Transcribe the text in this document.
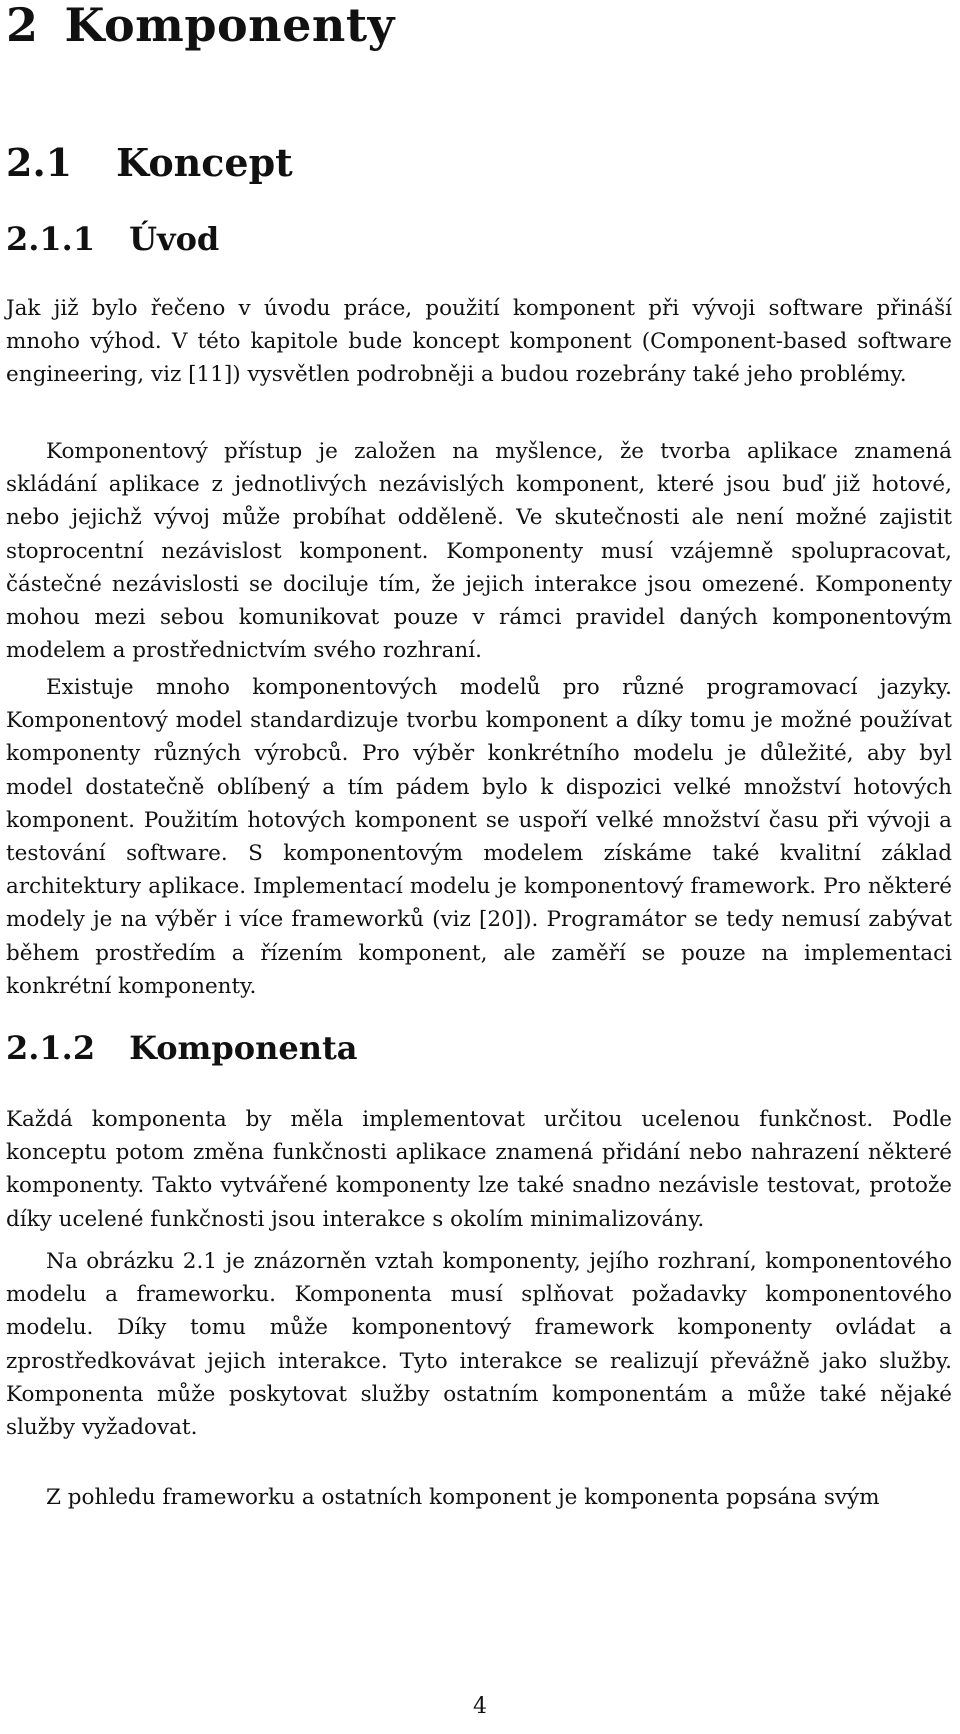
2 Komponenty
2.1 Koncept
2.1.1 Úvod

Jak již bylo řečeno v úvodu práce, použití komponent při vývoji software přináší mnoho výhod. V této kapitole bude koncept komponent (Component-based software engineering, viz [11]) vysvětlen podrobněji a budou rozebrány také jeho problémy.

Komponentový přístup je založen na myšlence, že tvorba aplikace znamená skládání aplikace z jednotlivých nezávislých komponent, které jsou buď již hotové, nebo jejichž vývoj může probíhat odděleně. Ve skutečnosti ale není možné zajistit stoprocentní nezávislost komponent. Komponenty musí vzájemně spolupracovat, částečné nezávislosti se dociluje tím, že jejich interakce jsou omezené. Komponenty mohou mezi sebou komunikovat pouze v rámci pravidel daných komponentovým modelem a prostřednictvím svého rozhraní.

Existuje mnoho komponentových modelů pro různé programovací jazyky. Komponentový model standardizuje tvorbu komponent a díky tomu je možné používat komponenty různých výrobců. Pro výběr konkrétního modelu je důležité, aby byl model dostatečně oblíbený a tím pádem bylo k dispozici velké množství hotových komponent. Použitím hotových komponent se uspoří velké množství času při vývoji a testování software. S komponentovým modelem získáme také kvalitní základ architektury aplikace. Implementací modelu je komponentový framework. Pro některé modely je na výběr i více frameworků (viz [20]). Programátor se tedy nemusí zabývat během prostředím a řízením komponent, ale zaměří se pouze na implementaci konkrétní komponenty.

2.1.2 Komponenta

Každá komponenta by měla implementovat určitou ucelenou funkčnost. Podle konceptu potom změna funkčnosti aplikace znamená přidání nebo nahrazení některé komponenty. Takto vytvářené komponenty lze také snadno nezávisle testovat, protože díky ucelené funkčnosti jsou interakce s okolím minimalizovány.

Na obrázku 2.1 je znázorněn vztah komponenty, jejího rozhraní, komponentového modelu a frameworku. Komponenta musí splňovat požadavky komponentového modelu. Díky tomu může komponentový framework komponenty ovládat a zprostředkovávat jejich interakce. Tyto interakce se realizují převážně jako služby. Komponenta může poskytovat služby ostatním komponentám a může také nějaké služby vyžadovat.

Z pohledu frameworku a ostatních komponent je komponenta popsána svým

4
